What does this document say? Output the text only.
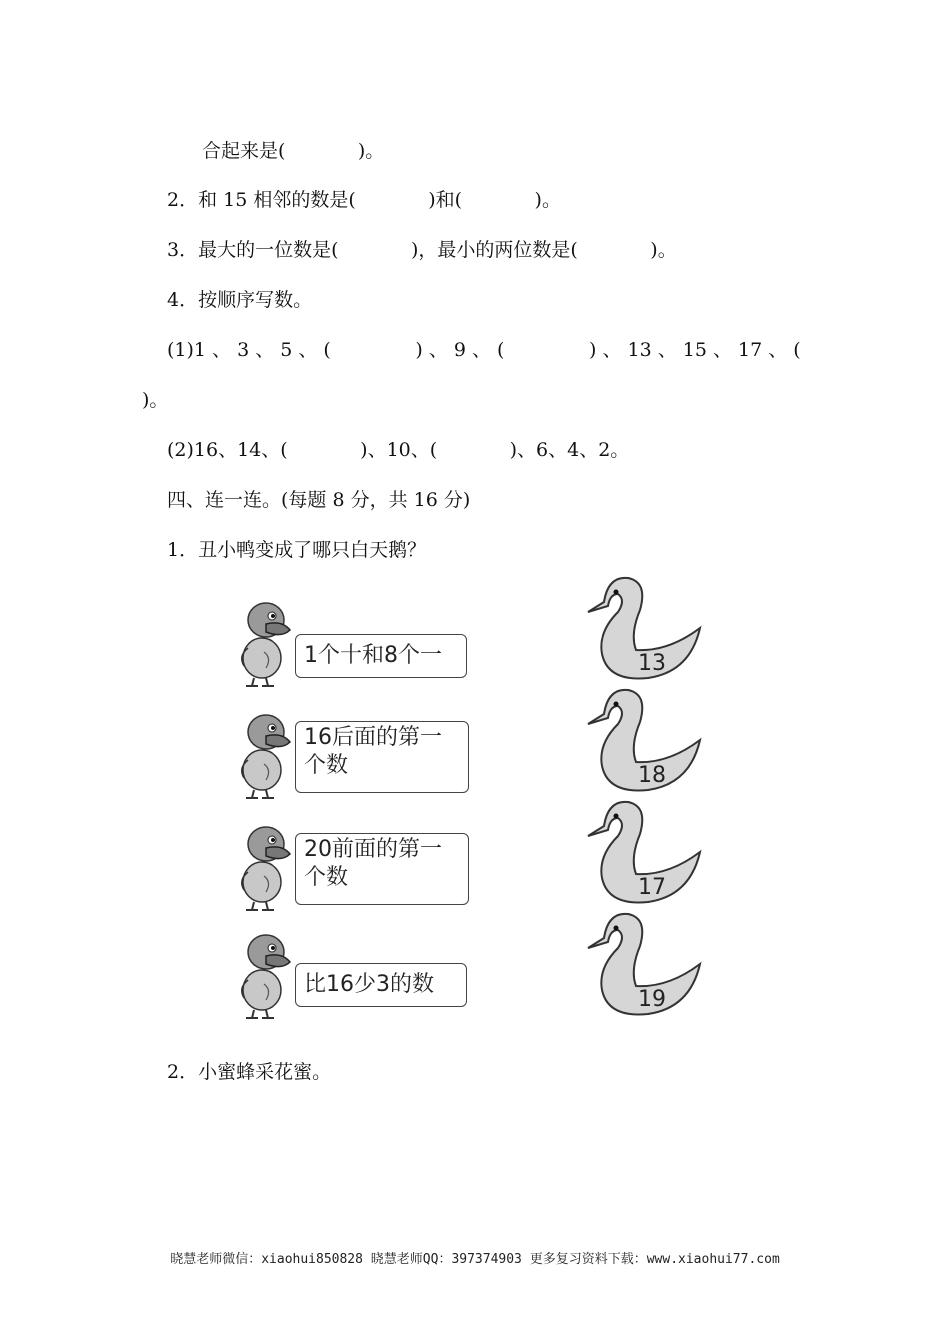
合起来是(            )。
2．和 15 相邻的数是(            )和(            )。
3．最大的一位数是(            )，最小的两位数是(            )。
4．按顺序写数。
(1)1 、 3 、 5 、 (              ) 、 9 、 (              ) 、 13 、 15 、 17 、 (
)。
(2)16、14、(            )、10、(            )、6、4、2。
四、连一连。(每题 8 分，共 16 分)
1．丑小鸭变成了哪只白天鹅？
1个十和8个一
16后面的第一
个数
20前面的第一
个数
比16少3的数
13
18
17
19
2．小蜜蜂采花蜜。
晓慧老师微信：xiaohui850828 晓慧老师QQ：397374903 更多复习资料下载：www.xiaohui77.com
